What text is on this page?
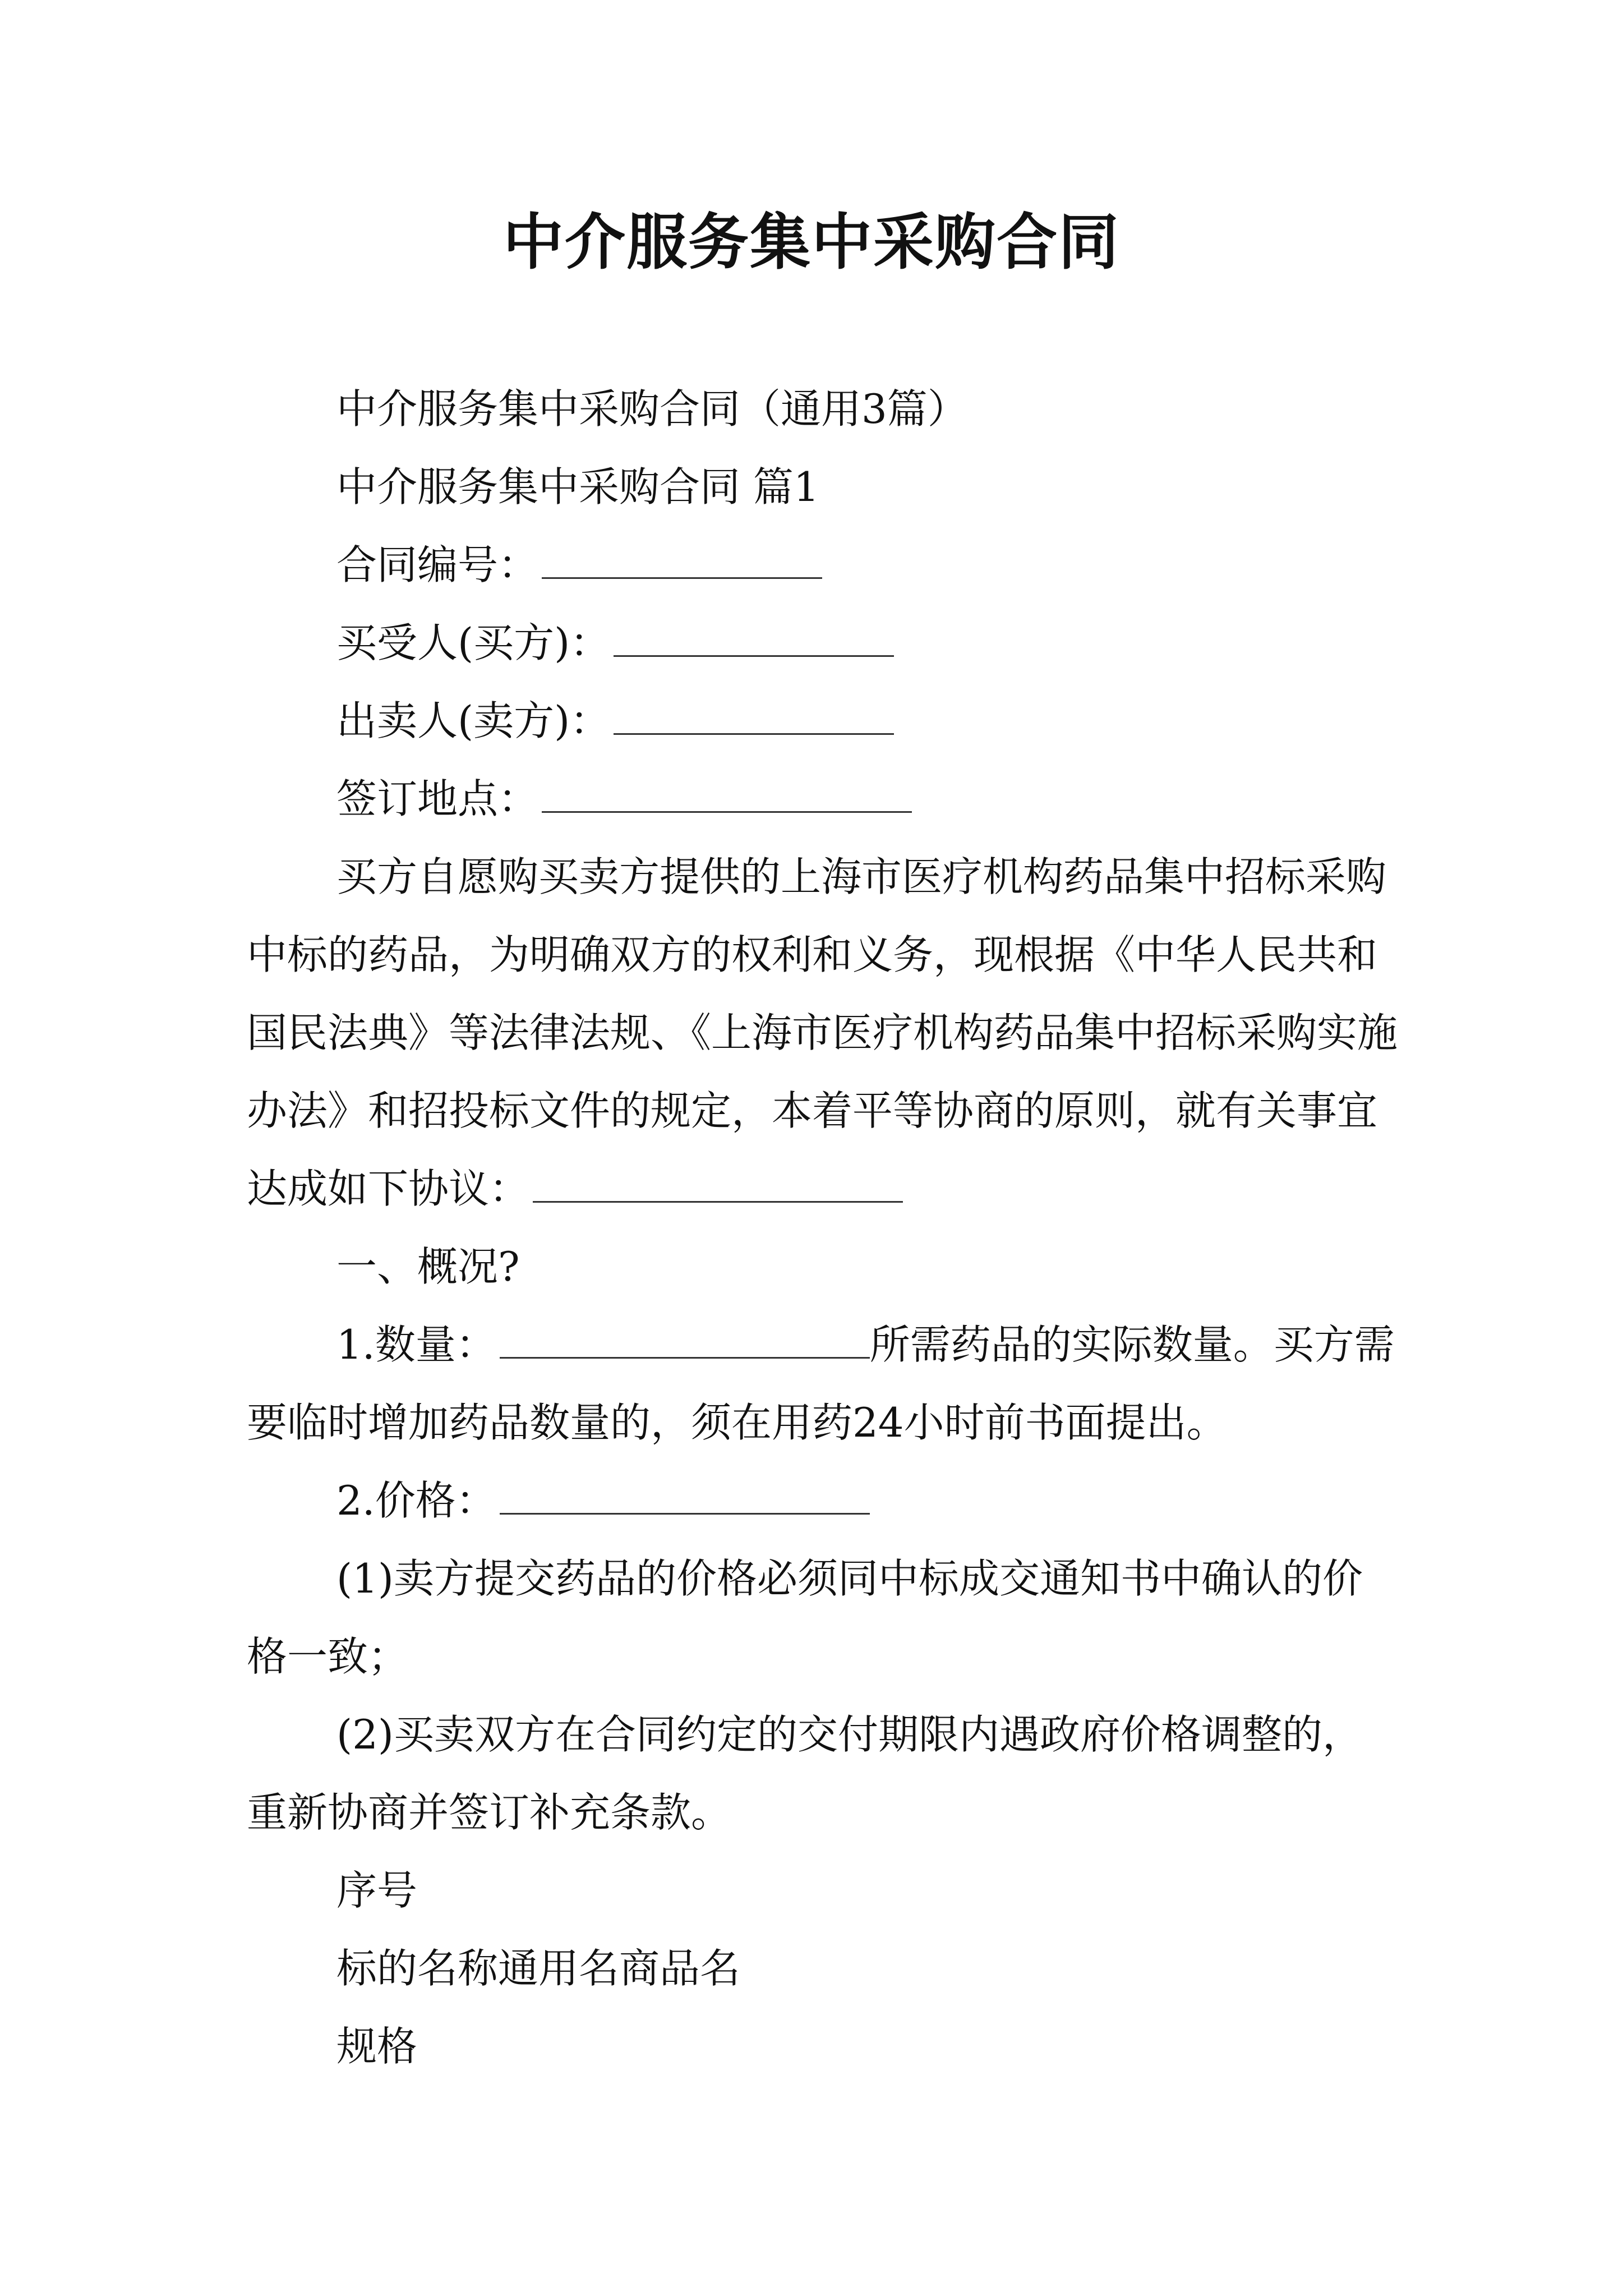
中介服务集中采购合同

中介服务集中采购合同（通用3篇）

中介服务集中采购合同 篇1

合同编号：

买受人(买方)：

出卖人(卖方)：

签订地点：

买方自愿购买卖方提供的上海市医疗机构药品集中招标采购中标的药品，为明确双方的权利和义务，现根据《中华人民共和国民法典》等法律法规、《上海市医疗机构药品集中招标采购实施办法》和招投标文件的规定，本着平等协商的原则，就有关事宜达成如下协议：

一、概况?

1.数量：	所需药品的实际数量。买方需要临时增加药品数量的，须在用药24小时前书面提出。

2.价格：

(1)卖方提交药品的价格必须同中标成交通知书中确认的价格一致；

(2)买卖双方在合同约定的交付期限内遇政府价格调整的，重新协商并签订补充条款。

序号

标的名称通用名商品名

规格
